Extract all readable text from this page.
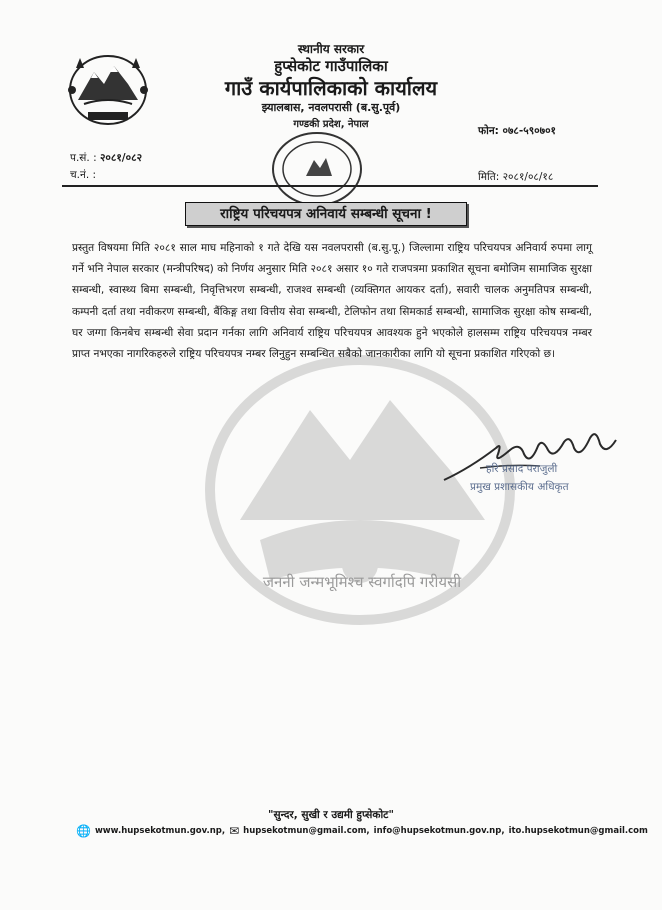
जननी जन्मभूमिश्च स्वर्गादपि गरीयसी
स्थानीय सरकार
हुप्सेकोट गाउँपालिका
गाउँ कार्यपालिकाको कार्यालय
झ्यालबास, नवलपरासी (ब.सु.पूर्व)
गण्डकी प्रदेश, नेपाल
फोन: ०७८-५९०७०१
प.सं. : २०८१/०८२
च.नं. :	मिति: २०८१/०८/१८
राष्ट्रिय परिचयपत्र अनिवार्य सम्बन्धी सूचना !
प्रस्तुत विषयमा मिति २०८१ साल माघ महिनाको १ गते देखि यस नवलपरासी (ब.सु.पू.) जिल्लामा राष्ट्रिय परिचयपत्र अनिवार्य रुपमा लागू गर्ने भनि नेपाल सरकार (मन्त्रीपरिषद) को निर्णय अनुसार मिति २०८१ असार १० गते राजपत्रमा प्रकाशित सूचना बमोजिम सामाजिक सुरक्षा सम्बन्धी, स्वास्थ्य बिमा सम्बन्धी, निवृत्तिभरण सम्बन्धी, राजश्व सम्बन्धी (व्यक्तिगत आयकर दर्ता), सवारी चालक अनुमतिपत्र सम्बन्धी, कम्पनी दर्ता तथा नवीकरण सम्बन्धी, बैंकिङ्ग तथा वित्तीय सेवा सम्बन्धी, टेलिफोन तथा सिमकार्ड सम्बन्धी, सामाजिक सुरक्षा कोष सम्बन्धी, घर जग्गा किनबेच सम्बन्धी सेवा प्रदान गर्नका लागि अनिवार्य राष्ट्रिय परिचयपत्र आवश्यक हुने भएकोले हालसम्म राष्ट्रिय परिचयपत्र नम्बर प्राप्त नभएका नागरिकहरुले राष्ट्रिय परिचयपत्र नम्बर लिनुहुन सम्बन्धित सबैको जानकारीका लागि यो सूचना प्रकाशित गरिएको छ।
हरि प्रसाद पराजुली
प्रमुख प्रशासकीय अधिकृत
"सुन्दर, सुखी र उद्यमी हुप्सेकोट"
🌐 www.hupsekotmun.gov.np, ✉ hupsekotmun@gmail.com, info@hupsekotmun.gov.np, ito.hupsekotmun@gmail.com
